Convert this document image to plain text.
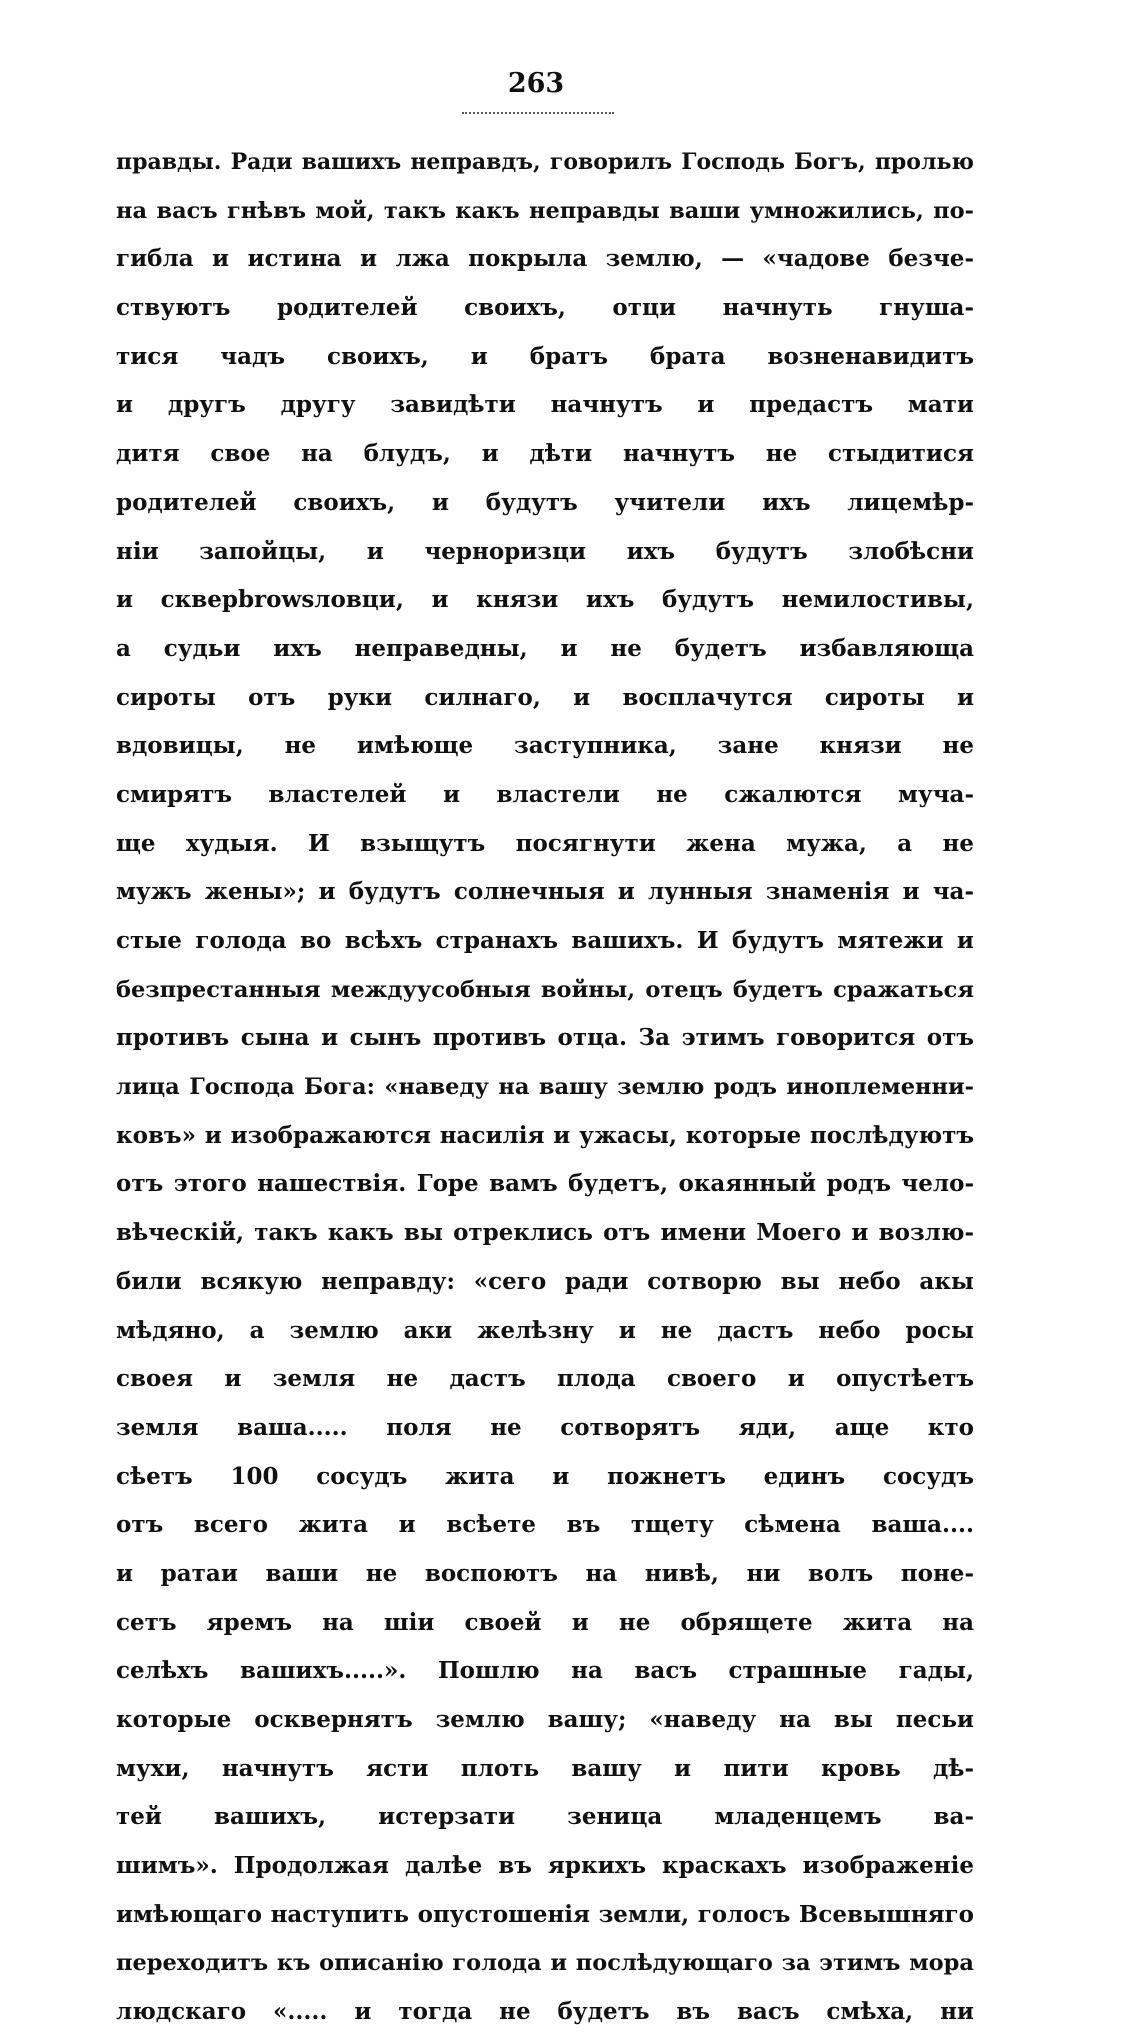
263
правды. Ради вашихъ неправдъ, говорилъ Господь Богъ, пролью
на васъ гнѣвъ мой, такъ какъ неправды ваши умножились, по-
гибла и истина и лжа покрыла землю, — «чадове безче-
ствуютъ родителей своихъ, отци начнуть гнуша-
тися чадъ своихъ, и братъ брата возненавидитъ
и другъ другу завидѣти начнутъ и предастъ мати
дитя свое на блудъ, и дѣти начнутъ не стыдитися
родителей своихъ, и будутъ учители ихъ лицемѣр-
нiи запойцы, и черноризци ихъ будутъ злобѣсни
и скверbrowsловци, и князи ихъ будутъ немилостивы,
а судьи ихъ неправедны, и не будетъ избавляюща
сироты отъ руки силнаго, и восплачутся сироты и
вдовицы, не имѣюще заступника, зане князи не
смирятъ властелей и властели не сжалются мучa-
ще худыя. И взыщутъ посягнути жена мужа, а не
мужъ жены»; и будутъ солнечныя и лунныя знаменія и ча-
стые голода во всѣхъ странахъ вашихъ. И будутъ мятежи и
безпрестанныя междуусобныя войны, отецъ будетъ сражаться
противъ сына и сынъ противъ отца. За этимъ говорится отъ
лица Господа Бога: «наведу на вашу землю родъ иноплеменни-
ковъ» и изображаются насилія и ужасы, которые послѣдуютъ
отъ этого нашествія. Горе вамъ будетъ, окаянный родъ чело-
вѣческій, такъ какъ вы отреклись отъ имени Моего и возлю-
били всякую неправду: «сего ради сотворю вы небо акы
мѣдяно, а землю аки желѣзну и не дастъ небо росы
своея и земля не дастъ плода своего и опустѣетъ
земля ваша..... поля не сотворятъ яди, аще кто
сѣетъ 100 сосудъ жита и пожнетъ единъ сосудъ
отъ всего жита и всѣете въ тщету сѣмена ваша....
и ратаи ваши не воспоютъ на нивѣ, ни волъ поне-
сетъ яремъ на шiи своей и не обрящете жита на
селѣхъ вашихъ.....». Пошлю на васъ страшные гады,
которые осквернятъ землю вашу; «наведу на вы песьи
мухи, начнутъ ясти плоть вашу и пити кровь дѣ-
тей вашихъ, истерзати зеница младенцемъ ва-
шимъ». Продолжая далѣе въ яркихъ краскахъ изображеніе
имѣющаго наступить опустошенія земли, голосъ Всевышняго
переходитъ къ описанію голода и послѣдующаго за этимъ мора
людскаго «..... и тогда не будетъ въ васъ смѣха, ни
